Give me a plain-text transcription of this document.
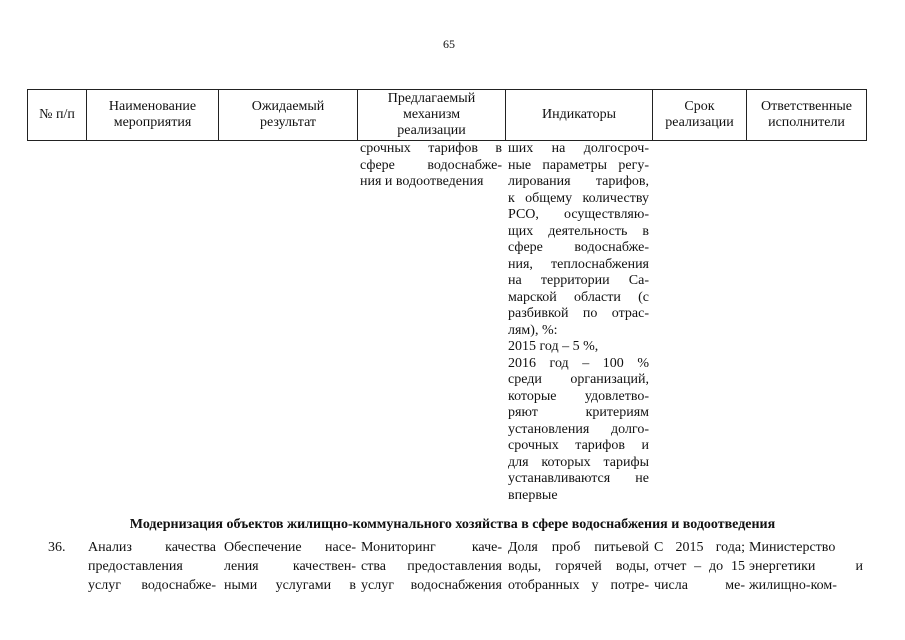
65
№ п/п
Наименование мероприятия
Ожидаемый результат
Предлагаемый механизм реализации
Индикаторы
Срок реализации
Ответственные исполнители
срочных тарифов в
сфере водоснабже-
ния и водоотведения
ших на долгосроч-
ные параметры регу-
лирования тарифов,
к общему количеству
РСО, осуществляю-
щих деятельность в
сфере водоснабже-
ния, теплоснабжения
на территории Са-
марской области (с
разбивкой по отрас-
лям), %:
2015 год – 5 %,
2016 год – 100 %
среди организаций,
которые удовлетво-
ряют критериям
установления долго-
срочных тарифов и
для которых тарифы
устанавливаются не
впервые
Модернизация объектов жилищно-коммунального хозяйства в сфере водоснабжения и водоотведения
36. Анализ качества
предоставления
услуг водоснабже-
Обеспечение насе-
ления качествен-
ными услугами в
Мониторинг каче-
ства предоставления
услуг водоснабжения
Доля проб питьевой
воды, горячей воды,
отобранных у потре-
С 2015 года;
отчет – до 15
числа ме-
Министерство
энергетики и
жилищно-ком-
